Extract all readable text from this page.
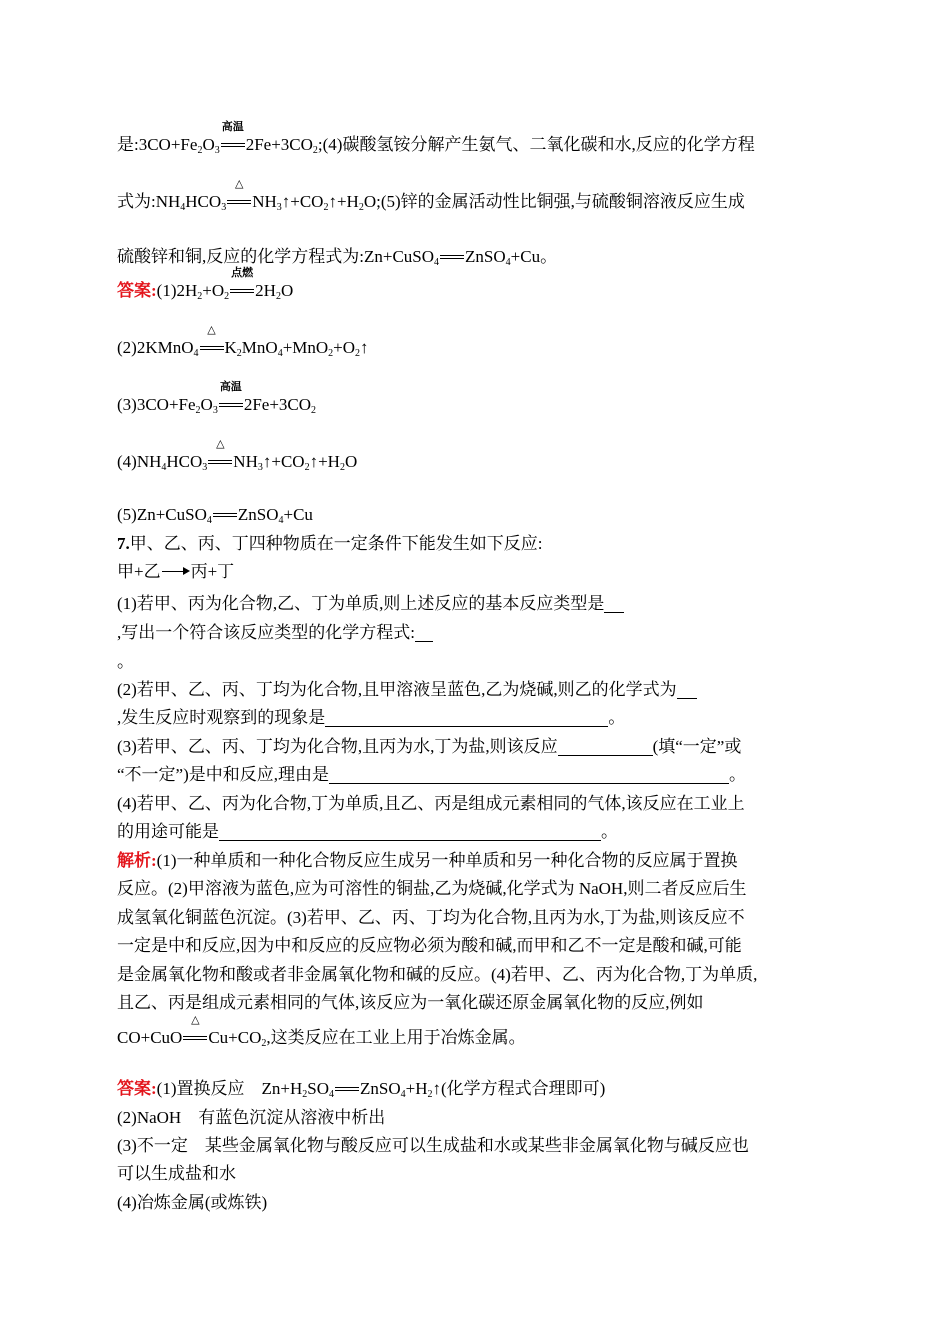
是$:3CO+Fe_2O_3$
高温
$2Fe+3CO_2;(4)$碳酸氢铵分解产生氨气、二氧化碳和水,反应的化学方程
式为$:NH_4HCO_3$
△
$NH_3↑+CO_2↑+H_2O;(5)$锌的金属活动性比铜强,与硫酸铜溶液反应生成
硫酸锌和铜,反应的化学方程式为:Zn+CuSO$_4$ ZnSO$_4$+Cu。
答案$:(1)2H_2+O_2$
点燃
$2H_2O$
(2)2KMnO$_4$
△
$K_2MnO_4+MnO_2+O_2↑$
$(3)3CO+Fe_2O_3$
高温
$2Fe+3CO_2$
$(4)NH_4HCO_3$
△
$NH_3↑+CO_2↑+H_2O$
(5)Zn+CuSO$_4$ ZnSO$_4$+Cu
7.甲、乙、丙、丁四种物质在一定条件下能发生如下反应:
甲+乙 丙+丁
(1)若甲、丙为化合物,乙、丁为单质,则上述反应的基本反应类型是
,写出一个符合该反应类型的化学方程式:
。
(2)若甲、乙、丙、丁均为化合物,且甲溶液呈蓝色,乙为烧碱,则乙的化学式为
,发生反应时观察到的现象是	。
(3)若甲、乙、丙、丁均为化合物,且丙为水,丁为盐,则该反应	(填“一定”或
“不一定”)是中和反应,理由是	。
(4)若甲、乙、丙为化合物,丁为单质,且乙、丙是组成元素相同的气体,该反应在工业上
的用途可能是	。
解析:(1)一种单质和一种化合物反应生成另一种单质和另一种化合物的反应属于置换
反应。(2)甲溶液为蓝色,应为可溶性的铜盐,乙为烧碱,化学式为 NaOH,则二者反应后生
成氢氧化铜蓝色沉淀。(3)若甲、乙、丙、丁均为化合物,且丙为水,丁为盐,则该反应不
一定是中和反应,因为中和反应的反应物必须为酸和碱,而甲和乙不一定是酸和碱,可能
是金属氧化物和酸或者非金属氧化物和碱的反应。(4)若甲、乙、丙为化合物,丁为单质,
且乙、丙是组成元素相同的气体,该反应为一氧化碳还原金属氧化物的反应,例如
CO+CuO
△
$Cu+CO_2$,这类反应在工业上用于冶炼金属。
答案:(1)置换反应　$Zn+H_2SO_4$ $ZnSO_4+H_2↑$(化学方程式合理即可)
(2)NaOH　有蓝色沉淀从溶液中析出
(3)不一定　某些金属氧化物与酸反应可以生成盐和水或某些非金属氧化物与碱反应也
可以生成盐和水
(4)冶炼金属(或炼铁)
